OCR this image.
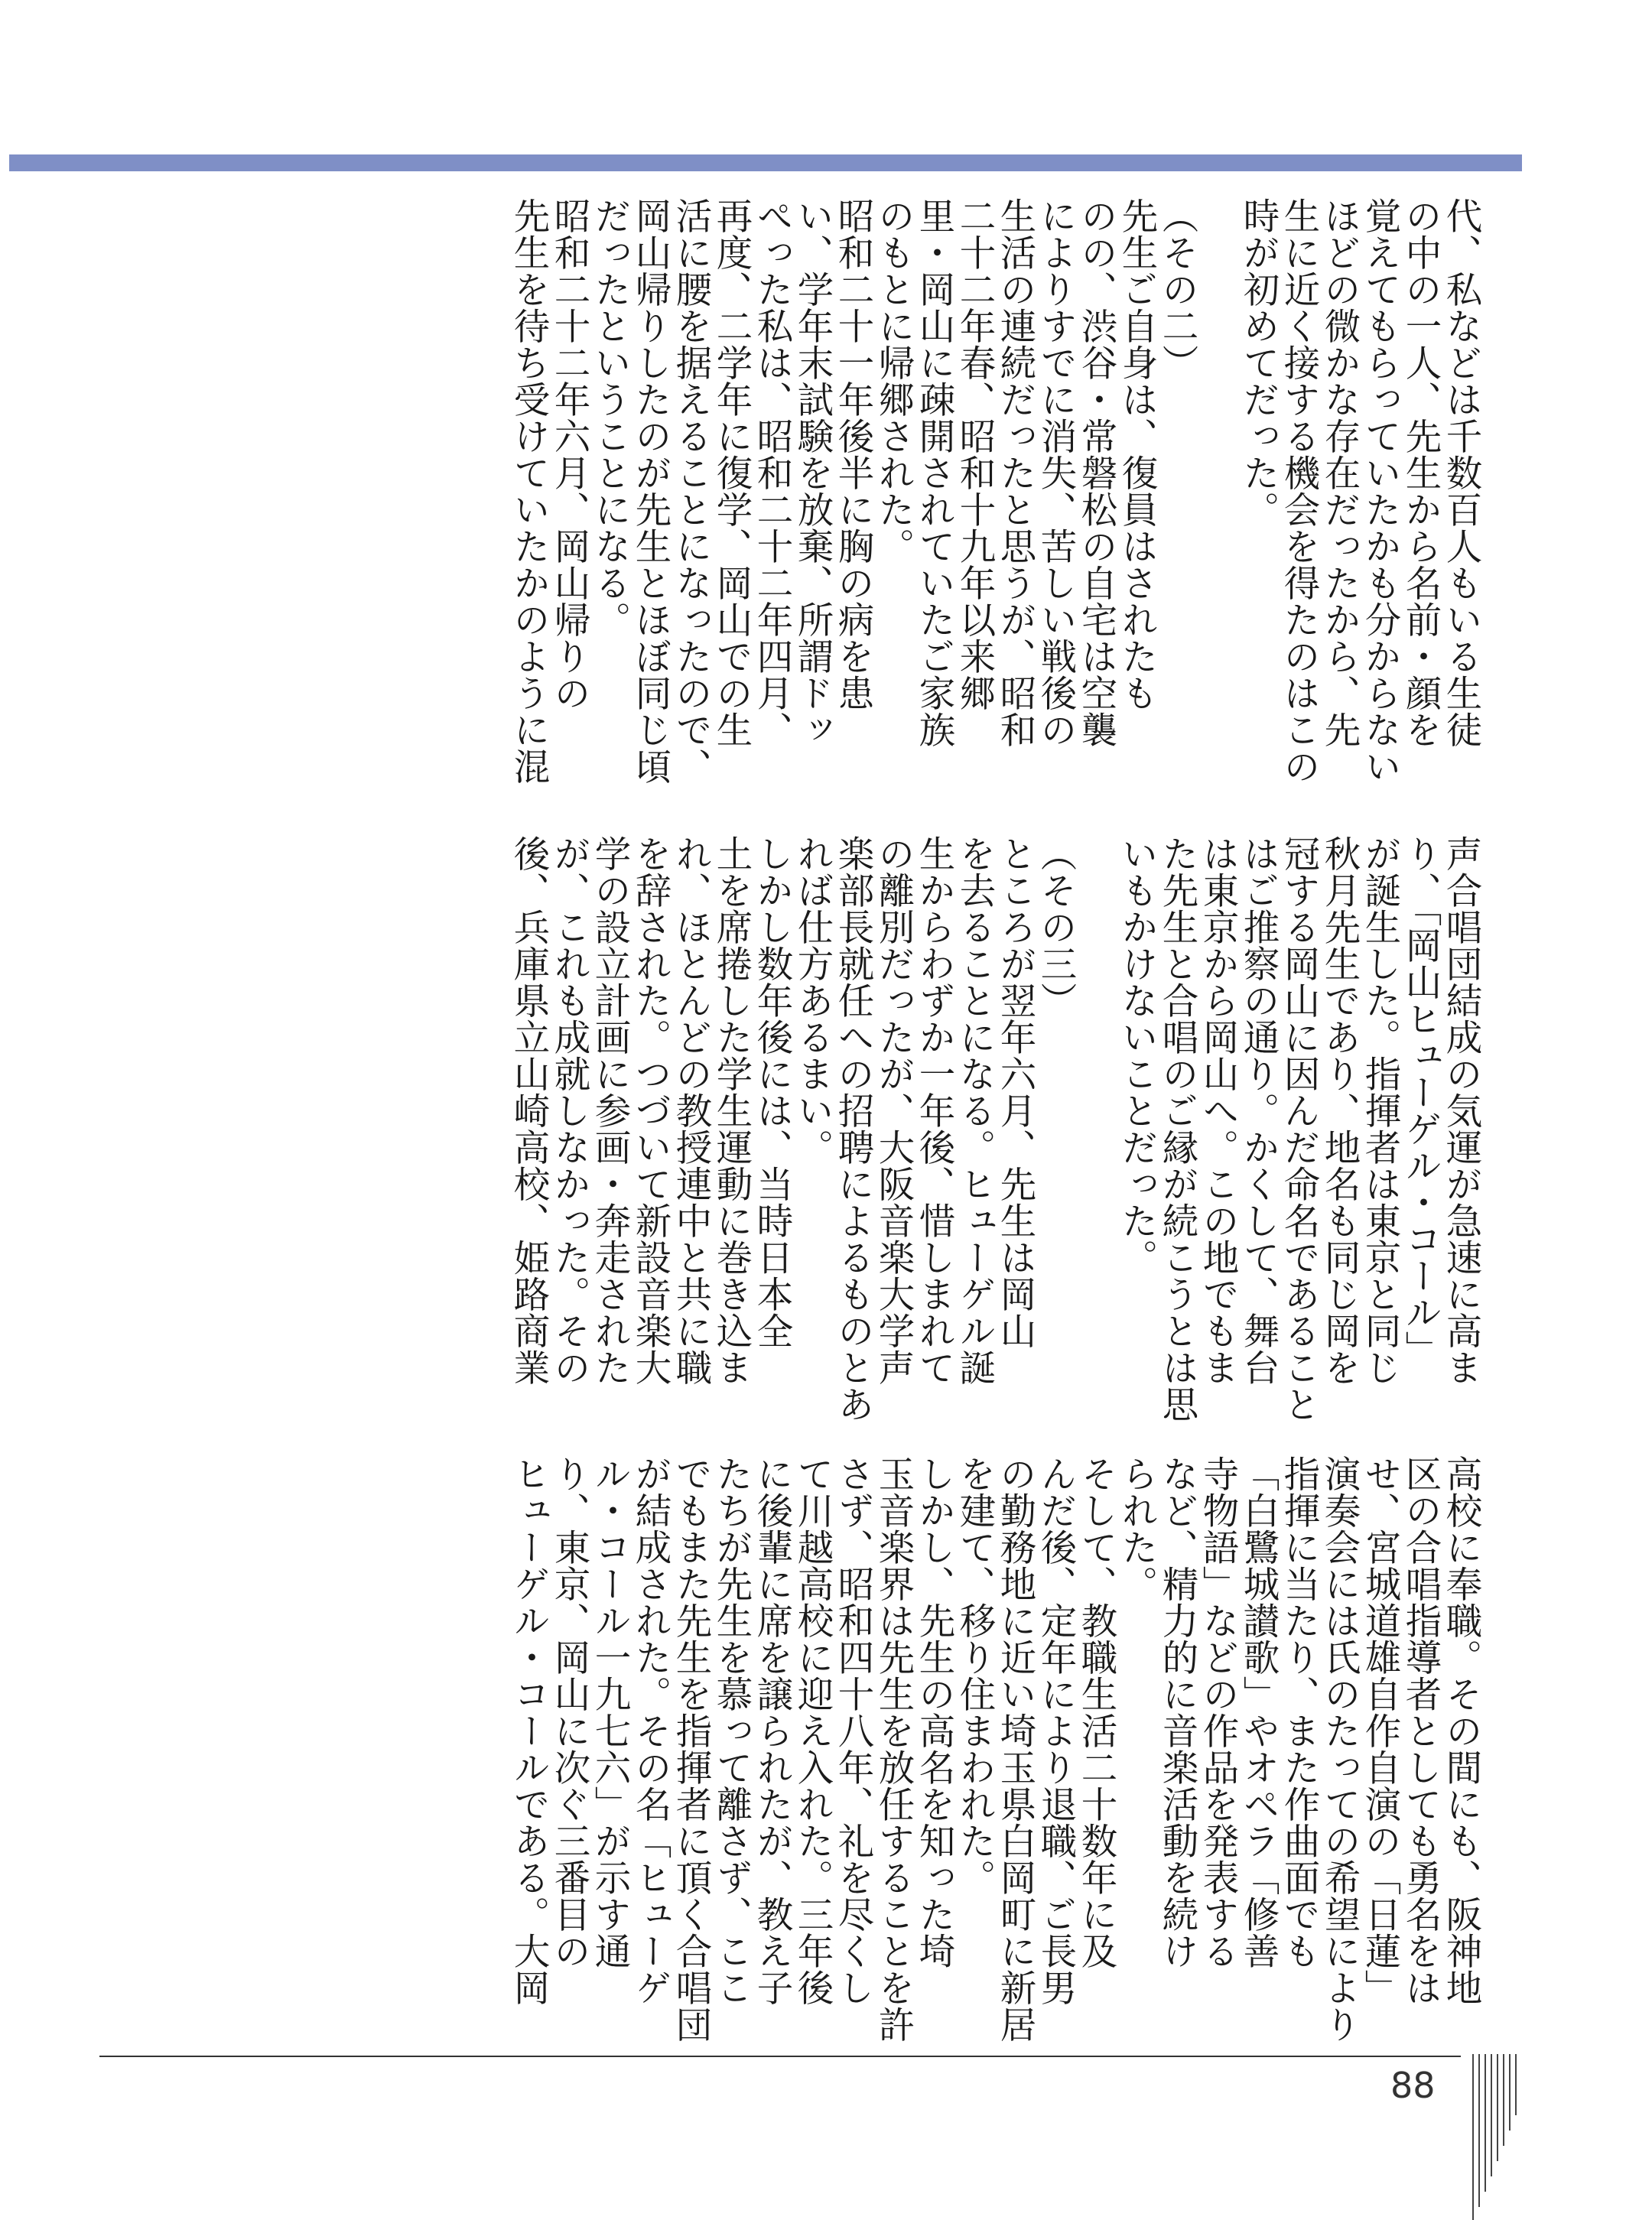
代、私などは千数百人もいる生徒
の中の一人、先生から名前・顔を
覚えてもらっていたかも分からない
ほどの微かな存在だったから、先
生に近く接する機会を得たのはこの
時が初めてだった。

（その二）
先生ご自身は、復員はされたも
のの、渋谷・常磐松の自宅は空襲
によりすでに消失、苦しい戦後の
生活の連続だったと思うが、昭和
二十二年春、昭和十九年以来郷
里・岡山に疎開されていたご家族
のもとに帰郷された。
昭和二十一年後半に胸の病を患
い、学年末試験を放棄、所謂ドッ
ぺった私は、昭和二十二年四月、
再度、二学年に復学、岡山での生
活に腰を据えることになったので、
岡山帰りしたのが先生とほぼ同じ頃
だったということになる。
昭和二十二年六月、岡山帰りの
先生を待ち受けていたかのように混
声合唱団結成の気運が急速に高ま
り、「岡山ヒューゲル・コール」
が誕生した。指揮者は東京と同じ
秋月先生であり、地名も同じ岡を
冠する岡山に因んだ命名であること
はご推察の通り。かくして、舞台
は東京から岡山へ。この地でもま
た先生と合唱のご縁が続こうとは思
いもかけないことだった。

（その三）
ところが翌年六月、先生は岡山
を去ることになる。ヒューゲル誕
生からわずか一年後、惜しまれて
の離別だったが、大阪音楽大学声
楽部長就任への招聘によるものとあ
れば仕方あるまい。
しかし数年後には、当時日本全
土を席捲した学生運動に巻き込ま
れ、ほとんどの教授連中と共に職
を辞された。つづいて新設音楽大
学の設立計画に参画・奔走された
が、これも成就しなかった。その
後、兵庫県立山崎高校、姫路商業
高校に奉職。その間にも、阪神地
区の合唱指導者としても勇名をは
せ、宮城道雄自作自演の「日蓮」
演奏会には氏のたっての希望により
指揮に当たり、また作曲面でも
「白鷺城讃歌」やオペラ「修善
寺物語」などの作品を発表する
など、精力的に音楽活動を続け
られた。
そして、教職生活二十数年に及
んだ後、定年により退職、ご長男
の勤務地に近い埼玉県白岡町に新居
を建て、移り住まわれた。
しかし、先生の高名を知った埼
玉音楽界は先生を放任することを許
さず、昭和四十八年、礼を尽くし
て川越高校に迎え入れた。三年後
に後輩に席を譲られたが、教え子
たちが先生を慕って離さず、ここ
でもまた先生を指揮者に頂く合唱団
が結成された。その名「ヒューゲ
ル・コール一九七六」が示す通
り、東京、岡山に次ぐ三番目の
ヒューゲル・コールである。大岡
88
